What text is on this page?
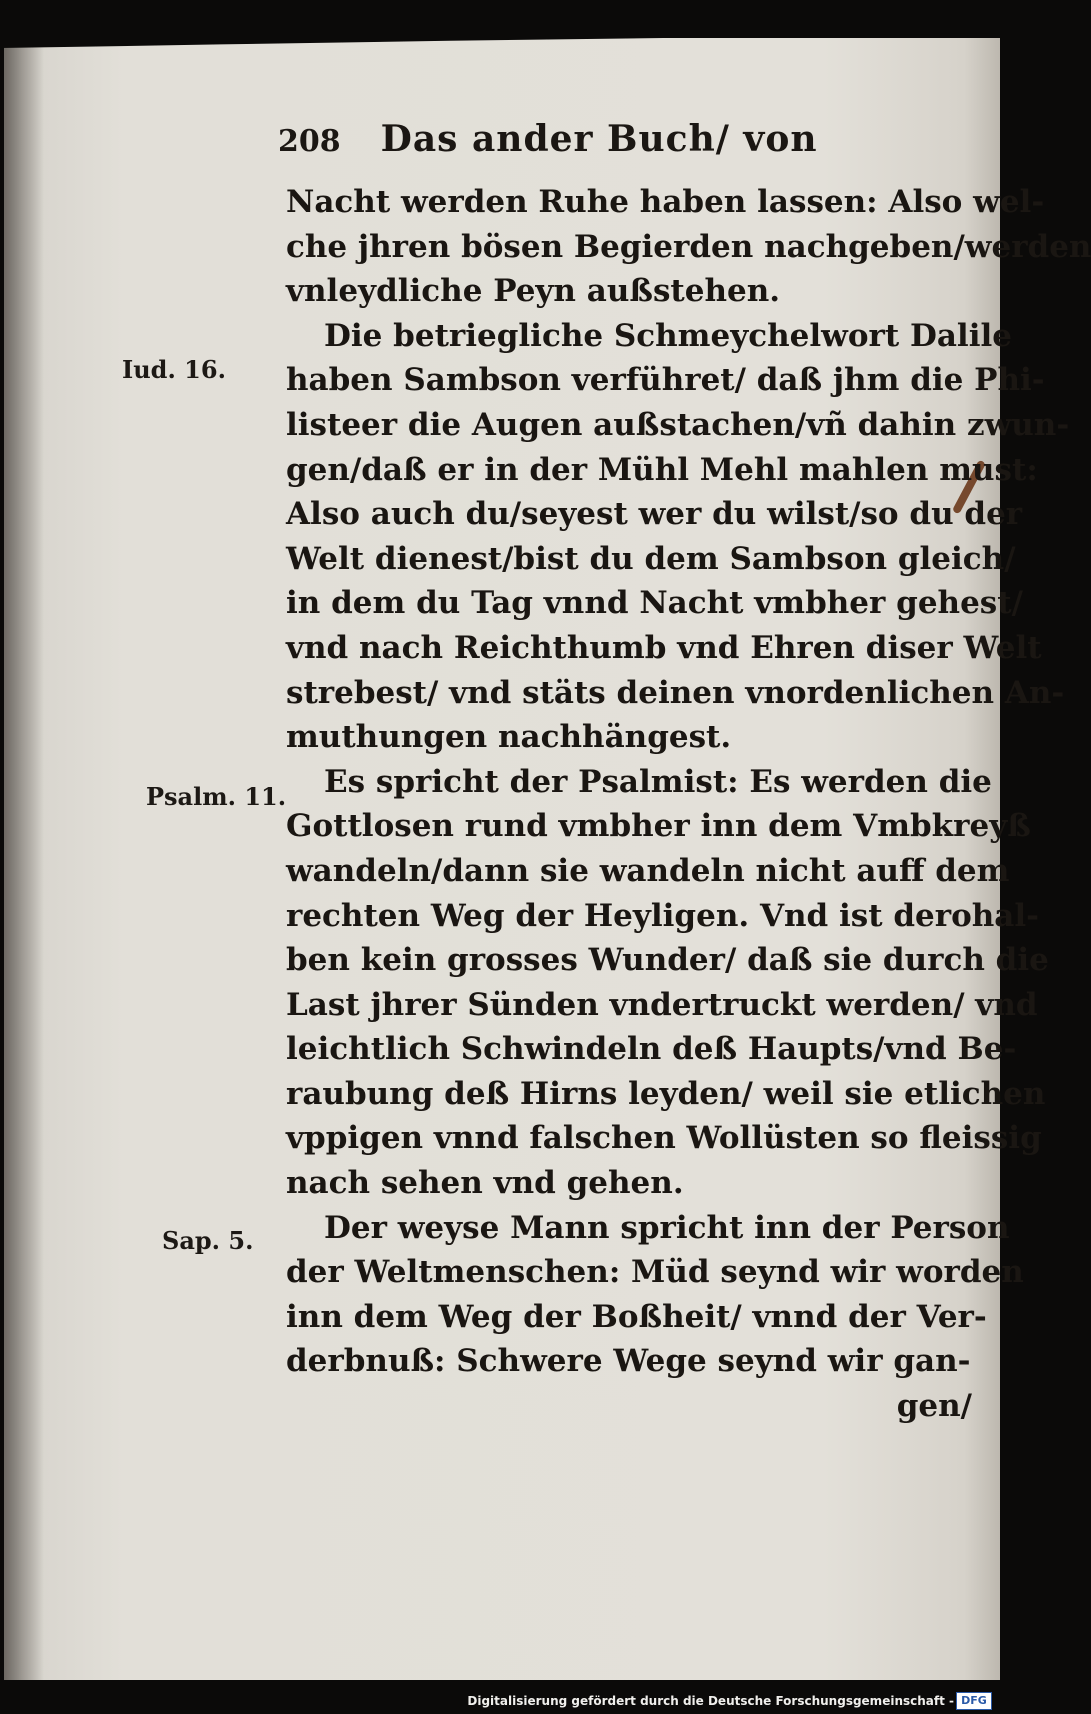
208 Das ander Buch/ von
Iud. 16.
Psalm. 11.
Sap. 5.
Nacht werden Ruhe haben lassen: Also wel-
che jhren bösen Begierden nachgeben/werden
vnleydliche Peyn außstehen.
Die betriegliche Schmeychelwort Dalile
haben Sambson verführet/ daß jhm die Phi-
listeer die Augen außstachen/vñ dahin zwun-
gen/daß er in der Mühl Mehl mahlen must:
Also auch du/seyest wer du wilst/so du der
Welt dienest/bist du dem Sambson gleich/
in dem du Tag vnnd Nacht vmbher gehest/
vnd nach Reichthumb vnd Ehren diser Welt
strebest/ vnd stäts deinen vnordenlichen An-
muthungen nachhängest.
Es spricht der Psalmist: Es werden die
Gottlosen rund vmbher inn dem Vmbkreyß
wandeln/dann sie wandeln nicht auff dem
rechten Weg der Heyligen. Vnd ist derohal-
ben kein grosses Wunder/ daß sie durch die
Last jhrer Sünden vndertruckt werden/ vnd
leichtlich Schwindeln deß Haupts/vnd Be-
raubung deß Hirns leyden/ weil sie etlichen
vppigen vnnd falschen Wollüsten so fleissig
nach sehen vnd gehen.
Der weyse Mann spricht inn der Person
der Weltmenschen: Müd seynd wir worden
inn dem Weg der Boßheit/ vnnd der Ver-
derbnuß: Schwere Wege seynd wir gan-
gen/
Digitalisierung gefördert durch die Deutsche Forschungsgemeinschaft - DFG
